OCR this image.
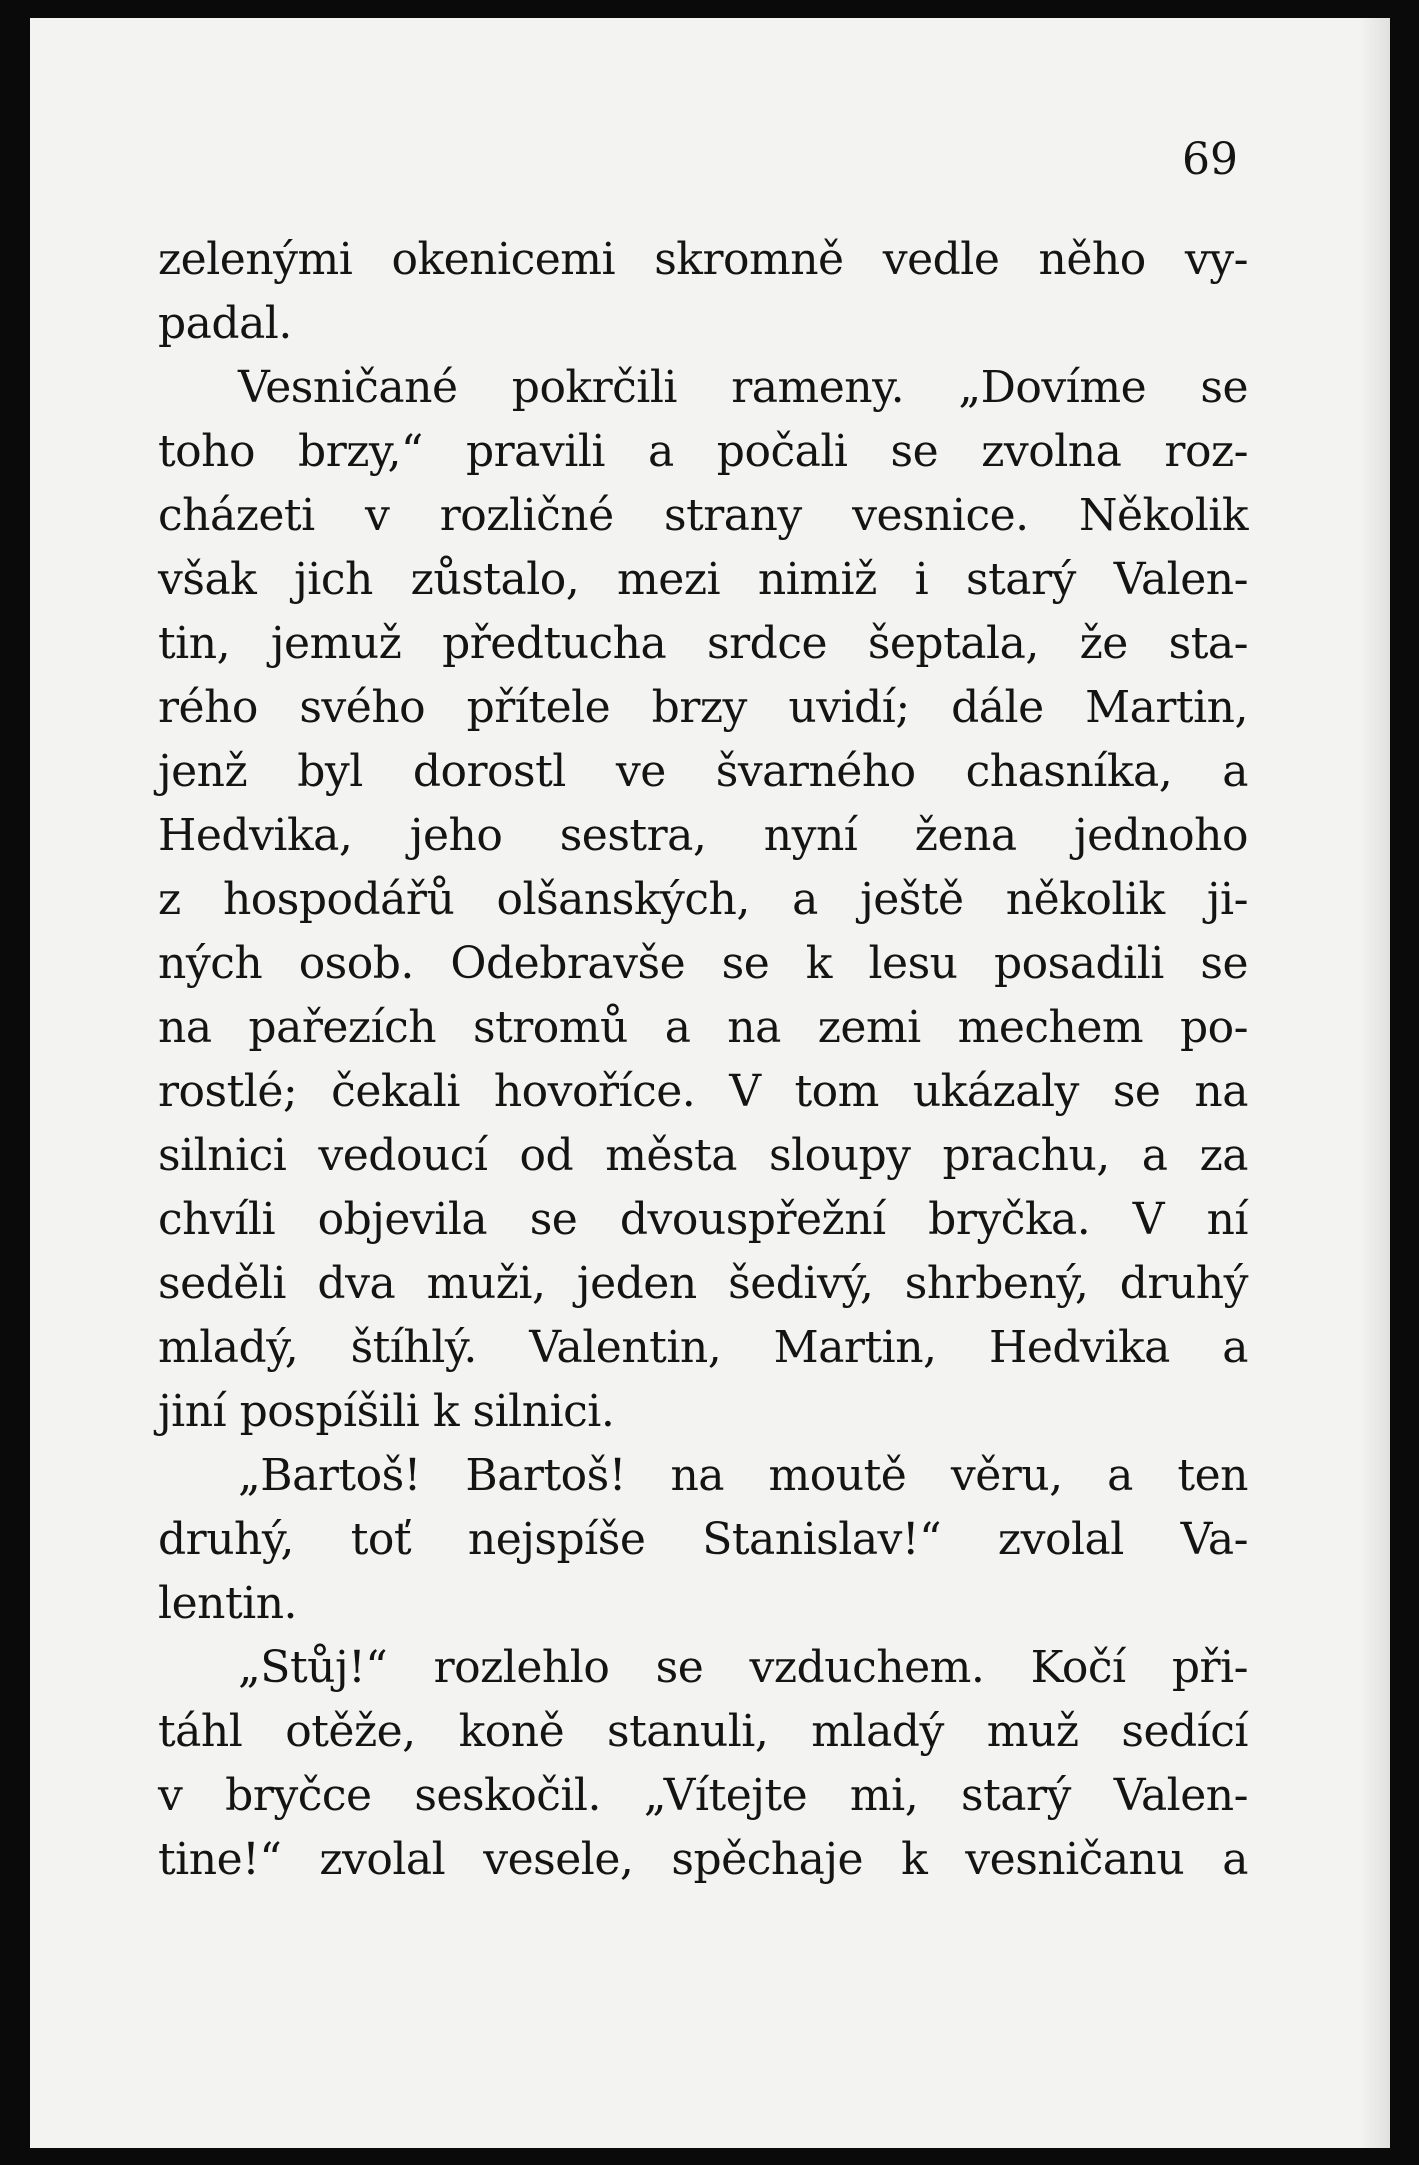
69
zelenými okenicemi skromně vedle něho vy-
padal.
Vesničané pokrčili rameny. „Dovíme se
toho brzy,“ pravili a počali se zvolna roz-
cházeti v rozličné strany vesnice. Několik
však jich zůstalo, mezi nimiž i starý Valen-
tin, jemuž předtucha srdce šeptala, že sta-
rého svého přítele brzy uvidí; dále Martin,
jenž byl dorostl ve švarného chasníka, a
Hedvika, jeho sestra, nyní žena jednoho
z hospodářů olšanských, a ještě několik ji-
ných osob. Odebravše se k lesu posadili se
na pařezích stromů a na zemi mechem po-
rostlé; čekali hovoříce. V tom ukázaly se na
silnici vedoucí od města sloupy prachu, a za
chvíli objevila se dvouspřežní bryčka. V ní
seděli dva muži, jeden šedivý, shrbený, druhý
mladý, štíhlý. Valentin, Martin, Hedvika a
jiní pospíšili k silnici.
„Bartoš! Bartoš! na moutě věru, a ten
druhý, toť nejspíše Stanislav!“ zvolal Va-
lentin.
„Stůj!“ rozlehlo se vzduchem. Kočí při-
táhl otěže, koně stanuli, mladý muž sedící
v bryčce seskočil. „Vítejte mi, starý Valen-
tine!“ zvolal vesele, spěchaje k vesničanu a
